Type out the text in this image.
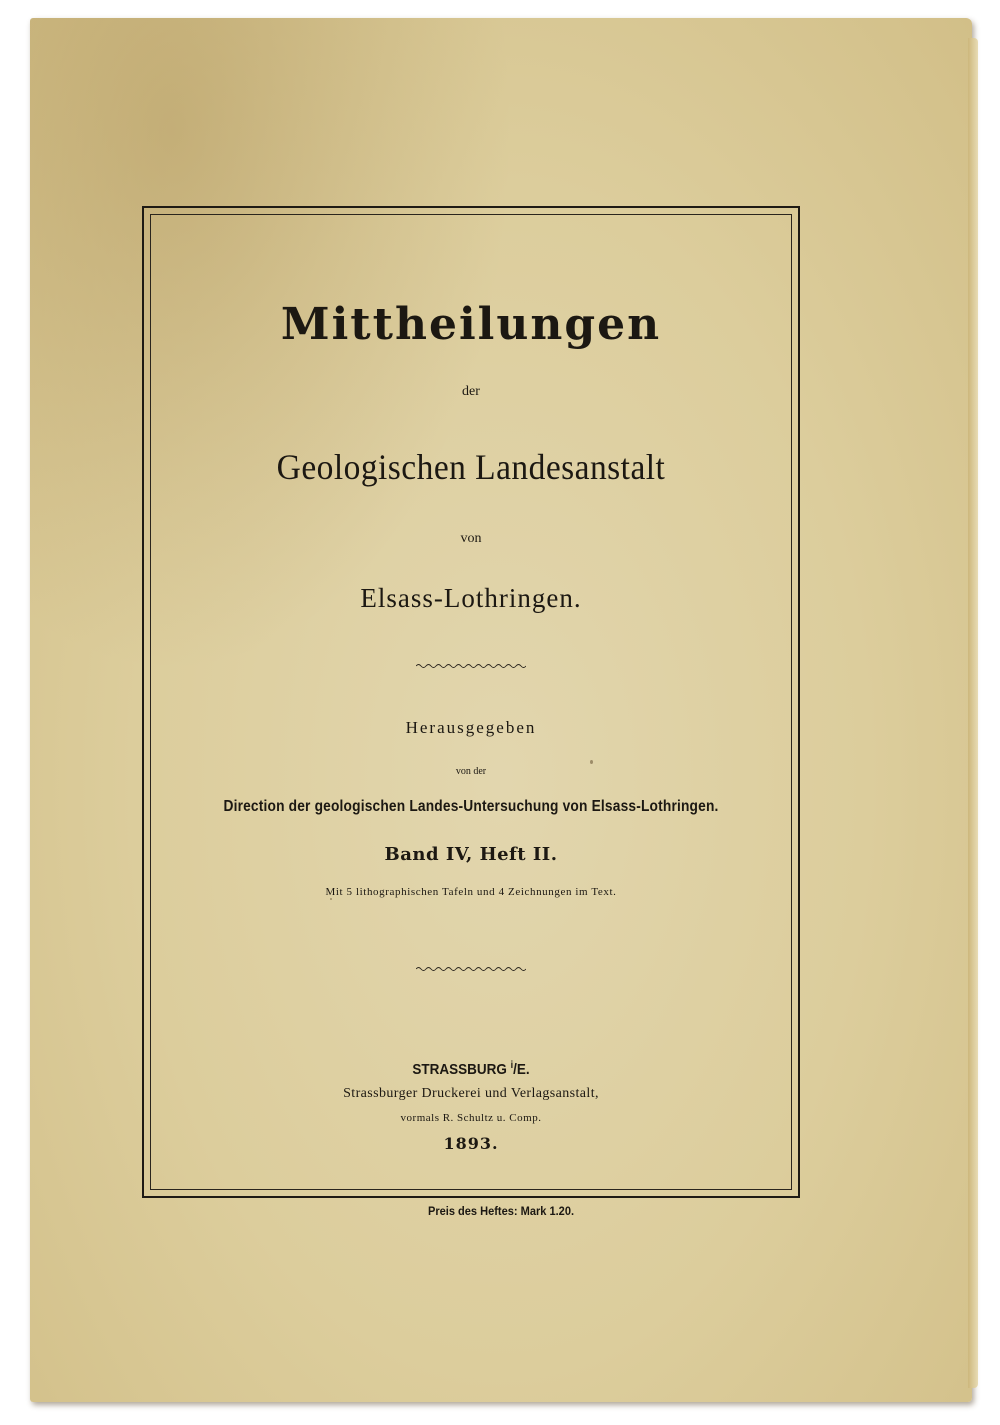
Mittheilungen
der
Geologischen Landesanstalt
von
Elsass-Lothringen.
Herausgegeben
von der
Direction der geologischen Landes-Untersuchung von Elsass-Lothringen.
Band IV, Heft II.
Mit 5 lithographischen Tafeln und 4 Zeichnungen im Text.
STRASSBURG $^i$/E.
Strassburger Druckerei und Verlagsanstalt,
vormals R. Schultz u. Comp.
1893.
Preis des Heftes: Mark 1.20.
